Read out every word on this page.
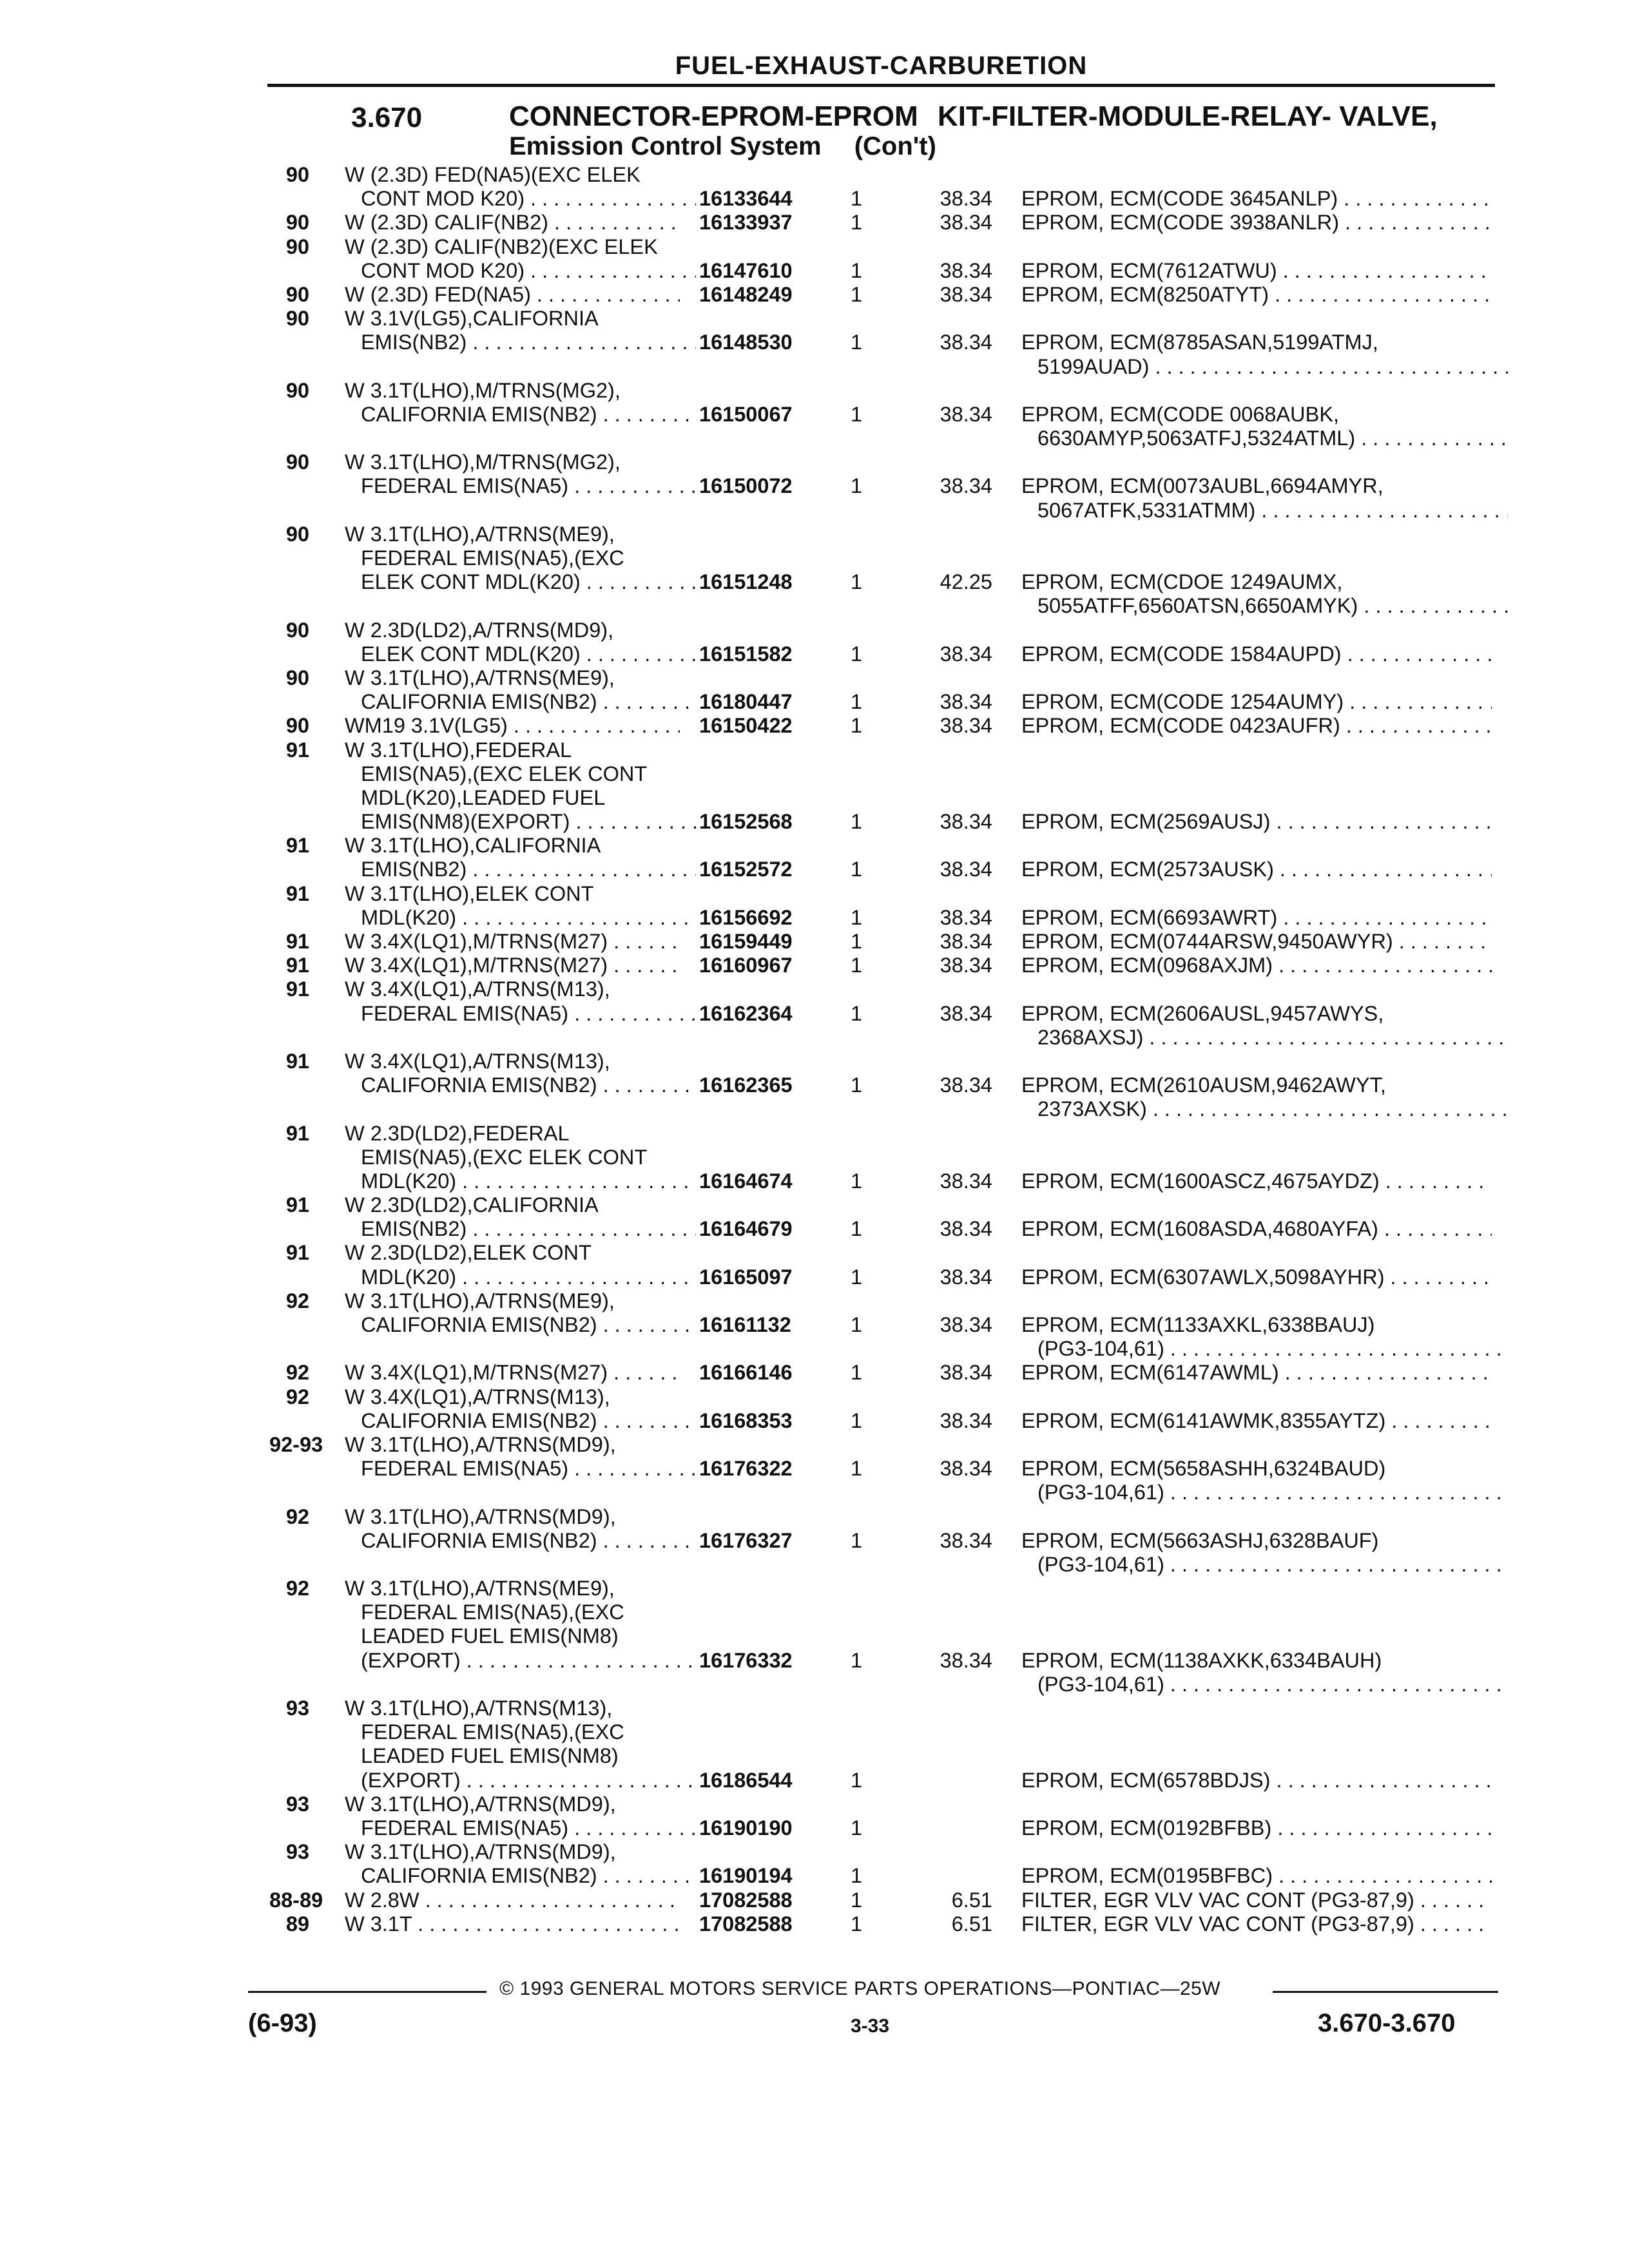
FUEL-EXHAUST-CARBURETION
3.670	CONNECTOR-EPROM-EPROM KIT-FILTER-MODULE-RELAY- VALVE,
Emission Control System (Con't)
90 W (2.3D) FED(NA5)(EXC ELEK
CONT MOD K20) . . .	16133644	1	38.34 EPROM, ECM(CODE 3645ANLP) . . .
90 W (2.3D) CALIF(NB2) . . .	16133937	1	38.34 EPROM, ECM(CODE 3938ANLR) . . .
90 W (2.3D) CALIF(NB2)(EXC ELEK
CONT MOD K20) . . .	16147610	1	38.34 EPROM, ECM(7612ATWU) . . .
90 W (2.3D) FED(NA5) . . .	16148249	1	38.34 EPROM, ECM(8250ATYT) . . .
90 W 3.1V(LG5),CALIFORNIA
EMIS(NB2) . . .	16148530	1	38.34 EPROM, ECM(8785ASAN,5199ATMJ,
5199AUAD) . . .
90 W 3.1T(LHO),M/TRNS(MG2),
CALIFORNIA EMIS(NB2) . . .	16150067	1	38.34 EPROM, ECM(CODE 0068AUBK,
6630AMYP,5063ATFJ,5324ATML) . . .
90 W 3.1T(LHO),M/TRNS(MG2),
FEDERAL EMIS(NA5) . . .	16150072	1	38.34 EPROM, ECM(0073AUBL,6694AMYR,
5067ATFK,5331ATMM) . . .
90 W 3.1T(LHO),A/TRNS(ME9),
FEDERAL EMIS(NA5),(EXC
ELEK CONT MDL(K20) . . .	16151248	1	42.25 EPROM, ECM(CDOE 1249AUMX,
5055ATFF,6560ATSN,6650AMYK) . . .
90 W 2.3D(LD2),A/TRNS(MD9),
ELEK CONT MDL(K20) . . .	16151582	1	38.34 EPROM, ECM(CODE 1584AUPD) . . .
90 W 3.1T(LHO),A/TRNS(ME9),
CALIFORNIA EMIS(NB2) . . .	16180447	1	38.34 EPROM, ECM(CODE 1254AUMY) . . .
90 WM19 3.1V(LG5) . . .	16150422	1	38.34 EPROM, ECM(CODE 0423AUFR) . . .
91 W 3.1T(LHO),FEDERAL
EMIS(NA5),(EXC ELEK CONT
MDL(K20),LEADED FUEL
EMIS(NM8)(EXPORT) . . .	16152568	1	38.34 EPROM, ECM(2569AUSJ) . . .
91 W 3.1T(LHO),CALIFORNIA
EMIS(NB2) . . .	16152572	1	38.34 EPROM, ECM(2573AUSK) . . .
91 W 3.1T(LHO),ELEK CONT
MDL(K20) . . .	16156692	1	38.34 EPROM, ECM(6693AWRT) . . .
91 W 3.4X(LQ1),M/TRNS(M27) . . .	16159449	1	38.34 EPROM, ECM(0744ARSW,9450AWYR) . . .
91 W 3.4X(LQ1),M/TRNS(M27) . . .	16160967	1	38.34 EPROM, ECM(0968AXJM) . . .
91 W 3.4X(LQ1),A/TRNS(M13),
FEDERAL EMIS(NA5) . . .	16162364	1	38.34 EPROM, ECM(2606AUSL,9457AWYS,
2368AXSJ) . . .
91 W 3.4X(LQ1),A/TRNS(M13),
CALIFORNIA EMIS(NB2) . . .	16162365	1	38.34 EPROM, ECM(2610AUSM,9462AWYT,
2373AXSK) . . .
91 W 2.3D(LD2),FEDERAL
EMIS(NA5),(EXC ELEK CONT
MDL(K20) . . .	16164674	1	38.34 EPROM, ECM(1600ASCZ,4675AYDZ) . . .
91 W 2.3D(LD2),CALIFORNIA
EMIS(NB2) . . .	16164679	1	38.34 EPROM, ECM(1608ASDA,4680AYFA) . . .
91 W 2.3D(LD2),ELEK CONT
MDL(K20) . . .	16165097	1	38.34 EPROM, ECM(6307AWLX,5098AYHR) . . .
92 W 3.1T(LHO),A/TRNS(ME9),
CALIFORNIA EMIS(NB2) . . .	16161132	1	38.34 EPROM, ECM(1133AXKL,6338BAUJ)
(PG3-104,61) . . .
92 W 3.4X(LQ1),M/TRNS(M27) . . .	16166146	1	38.34 EPROM, ECM(6147AWML) . . .
92 W 3.4X(LQ1),A/TRNS(M13),
CALIFORNIA EMIS(NB2) . . .	16168353	1	38.34 EPROM, ECM(6141AWMK,8355AYTZ) . . .
92-93 W 3.1T(LHO),A/TRNS(MD9),
FEDERAL EMIS(NA5) . . .	16176322	1	38.34 EPROM, ECM(5658ASHH,6324BAUD)
(PG3-104,61) . . .
92 W 3.1T(LHO),A/TRNS(MD9),
CALIFORNIA EMIS(NB2) . . .	16176327	1	38.34 EPROM, ECM(5663ASHJ,6328BAUF)
(PG3-104,61) . . .
92 W 3.1T(LHO),A/TRNS(ME9),
FEDERAL EMIS(NA5),(EXC
LEADED FUEL EMIS(NM8)
(EXPORT) . . .	16176332	1	38.34 EPROM, ECM(1138AXKK,6334BAUH)
(PG3-104,61) . . .
93 W 3.1T(LHO),A/TRNS(M13),
FEDERAL EMIS(NA5),(EXC
LEADED FUEL EMIS(NM8)
(EXPORT) . . .	16186544	1	EPROM, ECM(6578BDJS) . . .
93 W 3.1T(LHO),A/TRNS(MD9),
FEDERAL EMIS(NA5) . . .	16190190	1	EPROM, ECM(0192BFBB) . . .
93 W 3.1T(LHO),A/TRNS(MD9),
CALIFORNIA EMIS(NB2) . . .	16190194	1	EPROM, ECM(0195BFBC) . . .
88-89 W 2.8W . . .	17082588	1	6.51 FILTER, EGR VLV VAC CONT (PG3-87,9) . . .
89 W 3.1T . . .	17082588	1	6.51 FILTER, EGR VLV VAC CONT (PG3-87,9) . . .
© 1993 GENERAL MOTORS SERVICE PARTS OPERATIONS—PONTIAC—25W
(6-93)	3-33	3.670-3.670
